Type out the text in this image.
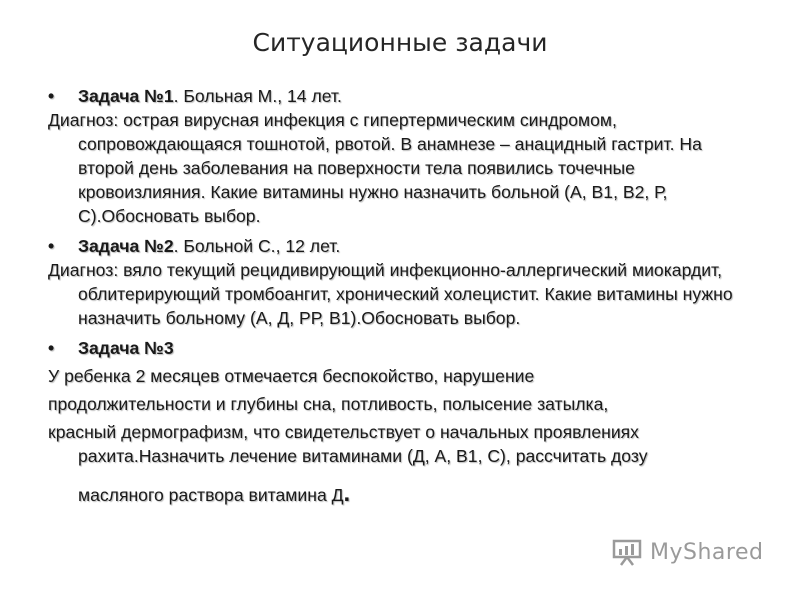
Ситуационные задачи
• Задача №1. Больная М., 14 лет.
Диагноз: острая вирусная инфекция с гипертермическим синдромом, сопровождающаяся тошнотой, рвотой. В анамнезе – анацидный гастрит. На второй день заболевания на поверхности тела появились точечные кровоизлияния. Какие витамины нужно назначить больной (А, В1, В2, Р, С).Обосновать выбор.
• Задача №2. Больной С., 12 лет.
Диагноз: вяло текущий рецидивирующий инфекционно-аллергический миокардит, облитерирующий тромбоангит, хронический холецистит. Какие витамины нужно назначить больному (А, Д, РР, В1).Обосновать выбор.
• Задача №3
У ребенка 2 месяцев отмечается беспокойство, нарушение
продолжительности и глубины сна, потливость, полысение затылка,
красный дермографизм, что свидетельствует о начальных проявлениях рахита.Назначить лечение витаминами (Д, А, В1, С), рассчитать дозу
масляного раствора витамина Д.
MyShared
